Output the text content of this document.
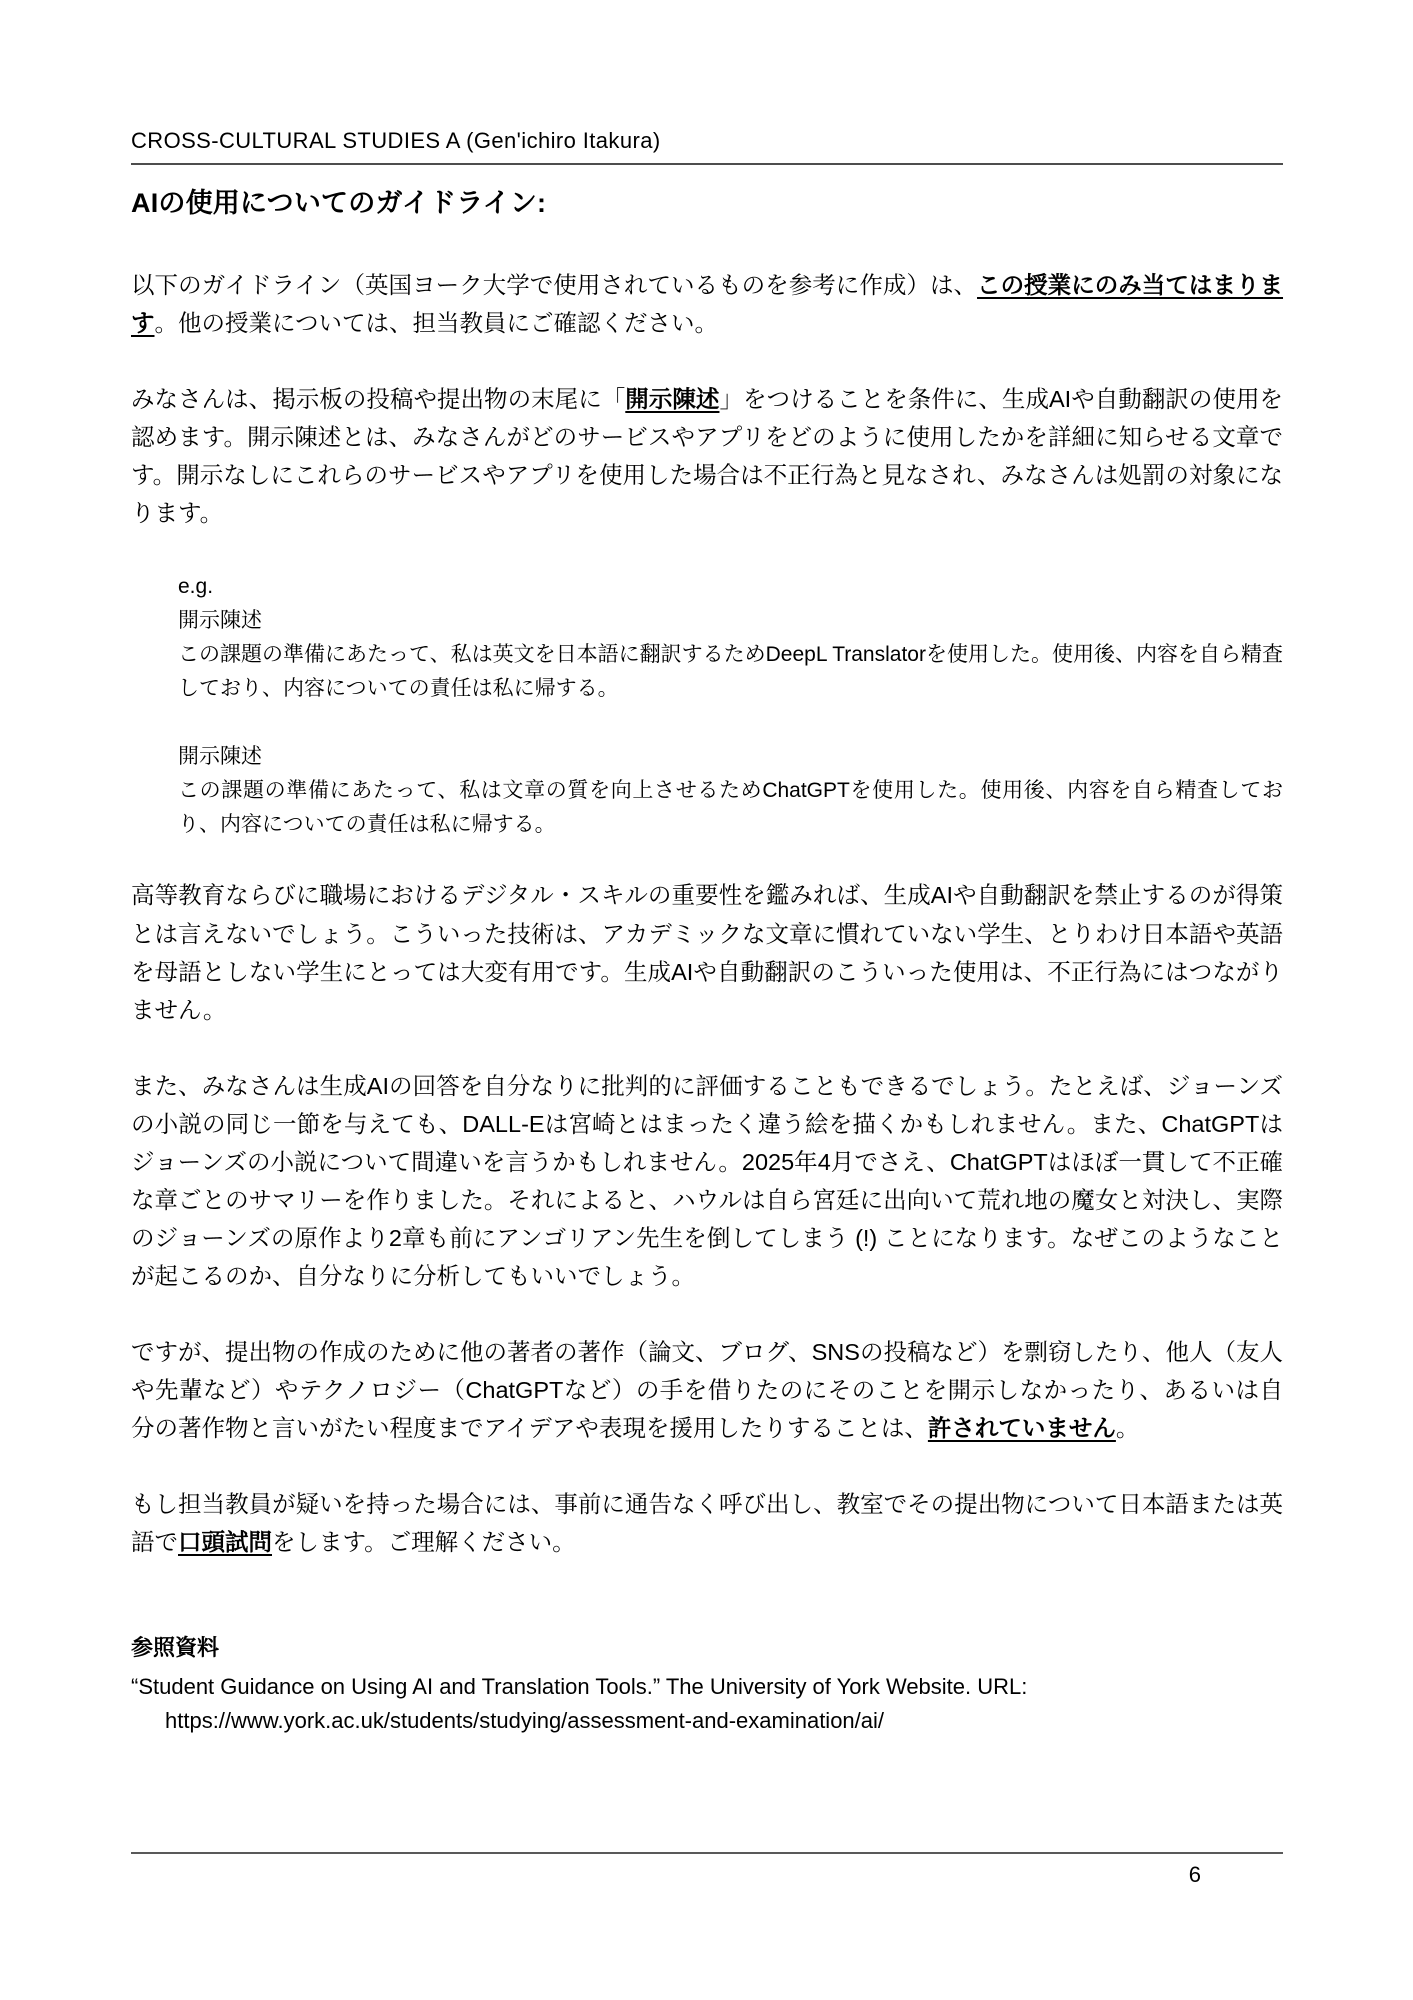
CROSS-CULTURAL STUDIES A (Gen'ichiro Itakura)
AIの使用についてのガイドライン:

以下のガイドライン（英国ヨーク大学で使用されているものを参考に作成）は、この授業にのみ当てはまります。他の授業については、担当教員にご確認ください。

みなさんは、掲示板の投稿や提出物の末尾に「開示陳述」をつけることを条件に、生成AIや自動翻訳の使用を認めます。開示陳述とは、みなさんがどのサービスやアプリをどのように使用したかを詳細に知らせる文章です。開示なしにこれらのサービスやアプリを使用した場合は不正行為と見なされ、みなさんは処罰の対象になります。

e.g.
開示陳述
この課題の準備にあたって、私は英文を日本語に翻訳するためDeepL Translatorを使用した。使用後、内容を自ら精査しており、内容についての責任は私に帰する。
開示陳述
この課題の準備にあたって、私は文章の質を向上させるためChatGPTを使用した。使用後、内容を自ら精査しており、内容についての責任は私に帰する。

高等教育ならびに職場におけるデジタル・スキルの重要性を鑑みれば、生成AIや自動翻訳を禁止するのが得策とは言えないでしょう。こういった技術は、アカデミックな文章に慣れていない学生、とりわけ日本語や英語を母語としない学生にとっては大変有用です。生成AIや自動翻訳のこういった使用は、不正行為にはつながりません。

また、みなさんは生成AIの回答を自分なりに批判的に評価することもできるでしょう。たとえば、ジョーンズの小説の同じ一節を与えても、DALL-Eは宮崎とはまったく違う絵を描くかもしれません。また、ChatGPTはジョーンズの小説について間違いを言うかもしれません。2025年4月でさえ、ChatGPTはほぼ一貫して不正確な章ごとのサマリーを作りました。それによると、ハウルは自ら宮廷に出向いて荒れ地の魔女と対決し、実際のジョーンズの原作より2章も前にアンゴリアン先生を倒してしまう (!) ことになります。なぜこのようなことが起こるのか、自分なりに分析してもいいでしょう。

ですが、提出物の作成のために他の著者の著作（論文、ブログ、SNSの投稿など）を剽窃したり、他人（友人や先輩など）やテクノロジー（ChatGPTなど）の手を借りたのにそのことを開示しなかったり、あるいは自分の著作物と言いがたい程度までアイデアや表現を援用したりすることは、許されていません。

もし担当教員が疑いを持った場合には、事前に通告なく呼び出し、教室でその提出物について日本語または英語で口頭試問をします。ご理解ください。

参照資料

“Student Guidance on Using AI and Translation Tools.” The University of York Website. URL:
https://www.york.ac.uk/students/studying/assessment-and-examination/ai/

6
